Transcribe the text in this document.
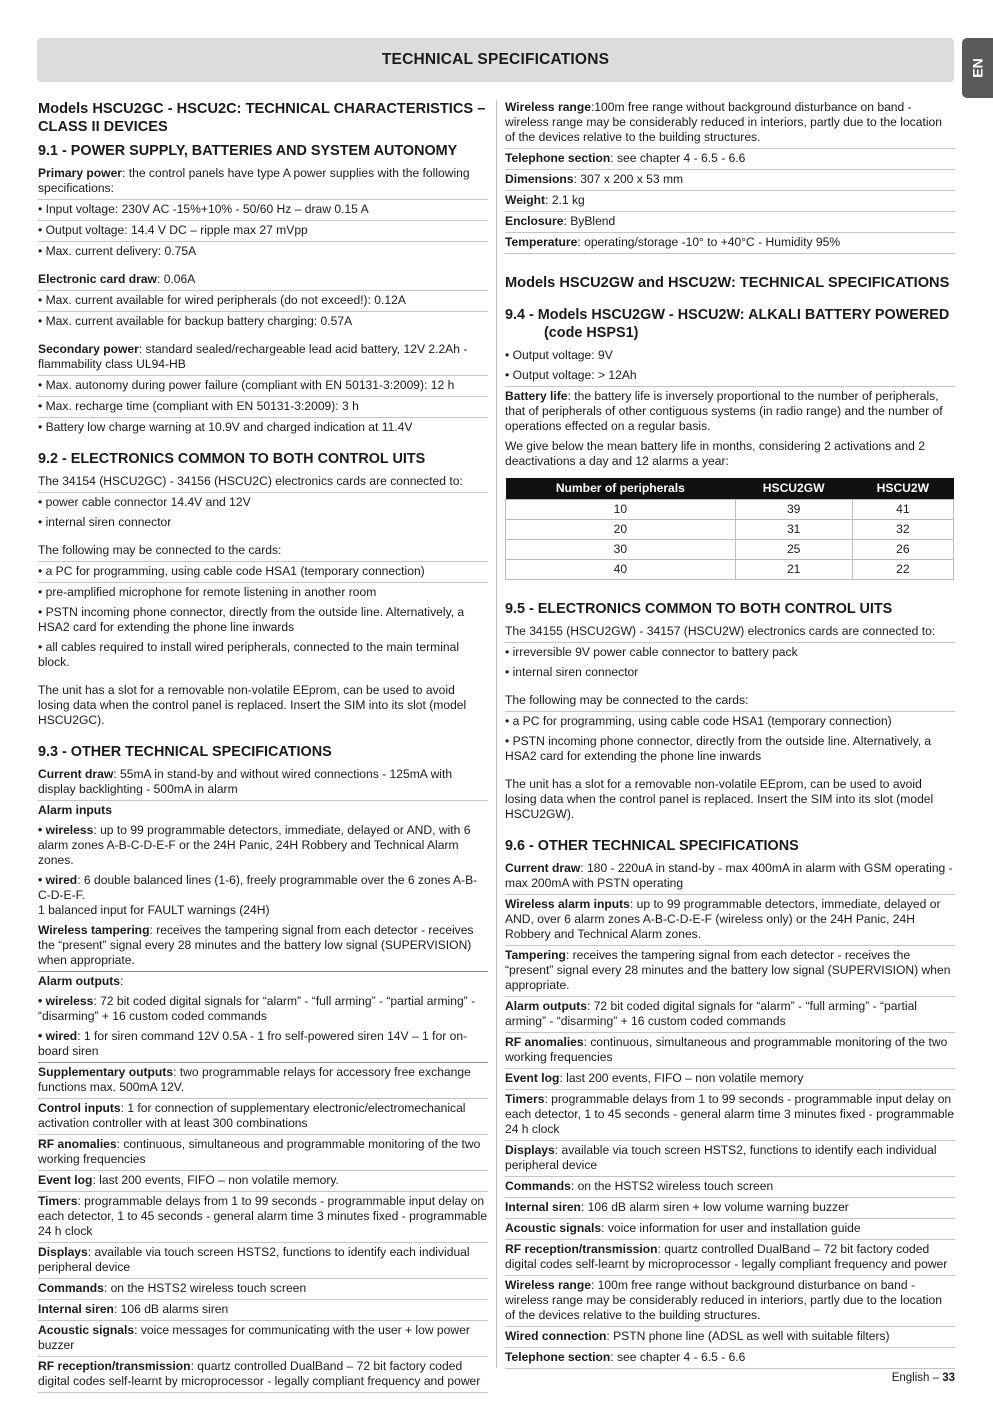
TECHNICAL SPECIFICATIONS	EN
Models HSCU2GC - HSCU2C: TECHNICAL CHARACTERISTICS – CLASS II DEVICES
9.1 - POWER SUPPLY, BATTERIES AND SYSTEM AUTONOMY
Primary power: the control panels have type A power supplies with the following specifications:
• Input voltage: 230V AC -15%+10% - 50/60 Hz – draw 0.15 A
• Output voltage: 14.4 V DC – ripple max 27 mVpp
• Max. current delivery: 0.75A
Electronic card draw: 0.06A
• Max. current available for wired peripherals (do not exceed!): 0.12A
• Max. current available for backup battery charging: 0.57A
Secondary power: standard sealed/rechargeable lead acid battery, 12V 2.2Ah - flammability class UL94-HB
• Max. autonomy during power failure (compliant with EN 50131-3:2009): 12 h
• Max. recharge time (compliant with EN 50131-3:2009): 3 h
• Battery low charge warning at 10.9V and charged indication at 11.4V
9.2 - ELECTRONICS COMMON TO BOTH CONTROL UITS
The 34154 (HSCU2GC) - 34156 (HSCU2C) electronics cards are connected to:
• power cable connector 14.4V and 12V
• internal siren connector
The following may be connected to the cards:
• a PC for programming, using cable code HSA1 (temporary connection)
• pre-amplified microphone for remote listening in another room
• PSTN incoming phone connector, directly from the outside line. Alternatively, a HSA2 card for extending the phone line inwards
• all cables required to install wired peripherals, connected to the main terminal block.
The unit has a slot for a removable non-volatile EEprom, can be used to avoid losing data when the control panel is replaced. Insert the SIM into its slot (model HSCU2GC).
9.3 - OTHER TECHNICAL SPECIFICATIONS
Current draw: 55mA in stand-by and without wired connections - 125mA with display backlighting - 500mA in alarm
Alarm inputs
• wireless: up to 99 programmable detectors, immediate, delayed or AND, with 6 alarm zones A-B-C-D-E-F or the 24H Panic, 24H Robbery and Technical Alarm zones.
• wired: 6 double balanced lines (1-6), freely programmable over the 6 zones A-B-C-D-E-F.
1 balanced input for FAULT warnings (24H)
Wireless tampering: receives the tampering signal from each detector - receives the “present” signal every 28 minutes and the battery low signal (SUPERVISION) when appropriate.
Alarm outputs:
• wireless: 72 bit coded digital signals for “alarm” - “full arming” - “partial arming” - “disarming” + 16 custom coded commands
• wired: 1 for siren command 12V 0.5A - 1 fro self-powered siren 14V – 1 for on-board siren
Supplementary outputs: two programmable relays for accessory free exchange functions max. 500mA 12V.
Control inputs: 1 for connection of supplementary electronic/electromechanical activation controller with at least 300 combinations
RF anomalies: continuous, simultaneous and programmable monitoring of the two working frequencies
Event log: last 200 events, FIFO – non volatile memory.
Timers: programmable delays from 1 to 99 seconds - programmable input delay on each detector, 1 to 45 seconds - general alarm time 3 minutes fixed - programmable 24 h clock
Displays: available via touch screen HSTS2, functions to identify each individual peripheral device
Commands: on the HSTS2 wireless touch screen
Internal siren: 106 dB alarms siren
Acoustic signals: voice messages for communicating with the user + low power buzzer
RF reception/transmission: quartz controlled DualBand – 72 bit factory coded digital codes self-learnt by microprocessor - legally compliant frequency and power
Wireless range:100m free range without background disturbance on band - wireless range may be considerably reduced in interiors, partly due to the location of the devices relative to the building structures.
Telephone section: see chapter 4 - 6.5 - 6.6
Dimensions: 307 x 200 x 53 mm
Weight: 2.1 kg
Enclosure: ByBlend
Temperature: operating/storage -10° to +40°C - Humidity 95%
Models HSCU2GW and HSCU2W: TECHNICAL SPECIFICATIONS
9.4 - Models HSCU2GW - HSCU2W: ALKALI BATTERY POWERED (code HSPS1)
• Output voltage: 9V
• Output voltage: > 12Ah
Battery life: the battery life is inversely proportional to the number of peripherals, that of peripherals of other contiguous systems (in radio range) and the number of operations effected on a regular basis.
We give below the mean battery life in months, considering 2 activations and 2 deactivations a day and 12 alarms a year:
Number of peripherals	HSCU2GW	HSCU2W
10	39	41
20	31	32
30	25	26
40	21	22
9.5 - ELECTRONICS COMMON TO BOTH CONTROL UITS
The 34155 (HSCU2GW) - 34157 (HSCU2W) electronics cards are connected to:
• irreversible 9V power cable connector to battery pack
• internal siren connector
The following may be connected to the cards:
• a PC for programming, using cable code HSA1 (temporary connection)
• PSTN incoming phone connector, directly from the outside line. Alternatively, a HSA2 card for extending the phone line inwards
The unit has a slot for a removable non-volatile EEprom, can be used to avoid losing data when the control panel is replaced. Insert the SIM into its slot (model HSCU2GW).
9.6 - OTHER TECHNICAL SPECIFICATIONS
Current draw: 180 - 220uA in stand-by - max 400mA in alarm with GSM operating - max 200mA with PSTN operating
Wireless alarm inputs: up to 99 programmable detectors, immediate, delayed or AND, over 6 alarm zones A-B-C-D-E-F (wireless only) or the 24H Panic, 24H Robbery and Technical Alarm zones.
Tampering: receives the tampering signal from each detector - receives the “present” signal every 28 minutes and the battery low signal (SUPERVISION) when appropriate.
Alarm outputs: 72 bit coded digital signals for “alarm” - “full arming” - “partial arming” - “disarming” + 16 custom coded commands
RF anomalies: continuous, simultaneous and programmable monitoring of the two working frequencies
Event log: last 200 events, FIFO – non volatile memory
Timers: programmable delays from 1 to 99 seconds - programmable input delay on each detector, 1 to 45 seconds - general alarm time 3 minutes fixed - programmable 24 h clock
Displays: available via touch screen HSTS2, functions to identify each individual peripheral device
Commands: on the HSTS2 wireless touch screen
Internal siren: 106 dB alarm siren + low volume warning buzzer
Acoustic signals: voice information for user and installation guide
RF reception/transmission: quartz controlled DualBand – 72 bit factory coded digital codes self-learnt by microprocessor - legally compliant frequency and power
Wireless range: 100m free range without background disturbance on band - wireless range may be considerably reduced in interiors, partly due to the location of the devices relative to the building structures.
Wired connection: PSTN phone line (ADSL as well with suitable filters)
Telephone section: see chapter 4 - 6.5 - 6.6
English – 33
